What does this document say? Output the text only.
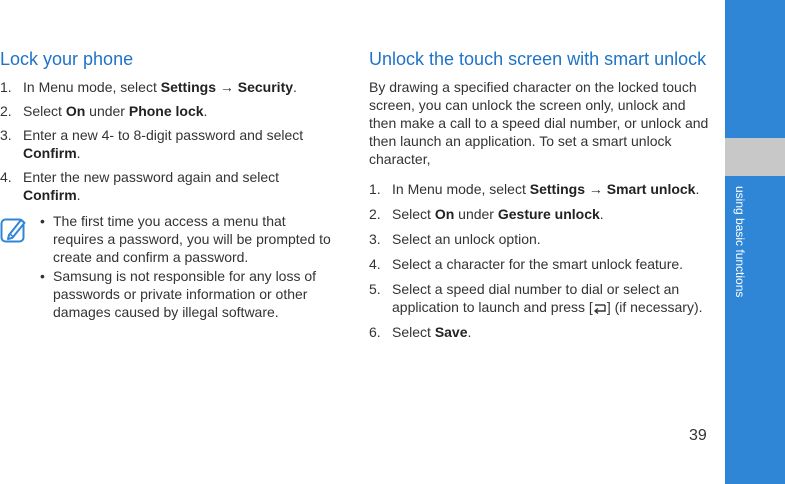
using basic functions
Lock your phone
1. In Menu mode, select Settings → Security.
2. Select On under Phone lock.
3. Enter a new 4- to 8-digit password and select Confirm.
4. Enter the new password again and select Confirm.
• The first time you access a menu that requires a password, you will be prompted to create and confirm a password.
• Samsung is not responsible for any loss of passwords or private information or other damages caused by illegal software.
Unlock the touch screen with smart unlock

By drawing a specified character on the locked touch screen, you can unlock the screen only, unlock and then make a call to a speed dial number, or unlock and then launch an application. To set a smart unlock character,

1. In Menu mode, select Settings → Smart unlock.
2. Select On under Gesture unlock.
3. Select an unlock option.
4. Select a character for the smart unlock feature.
5. Select a speed dial number to dial or select an application to launch and press [ ] (if necessary).
6. Select Save.
39
